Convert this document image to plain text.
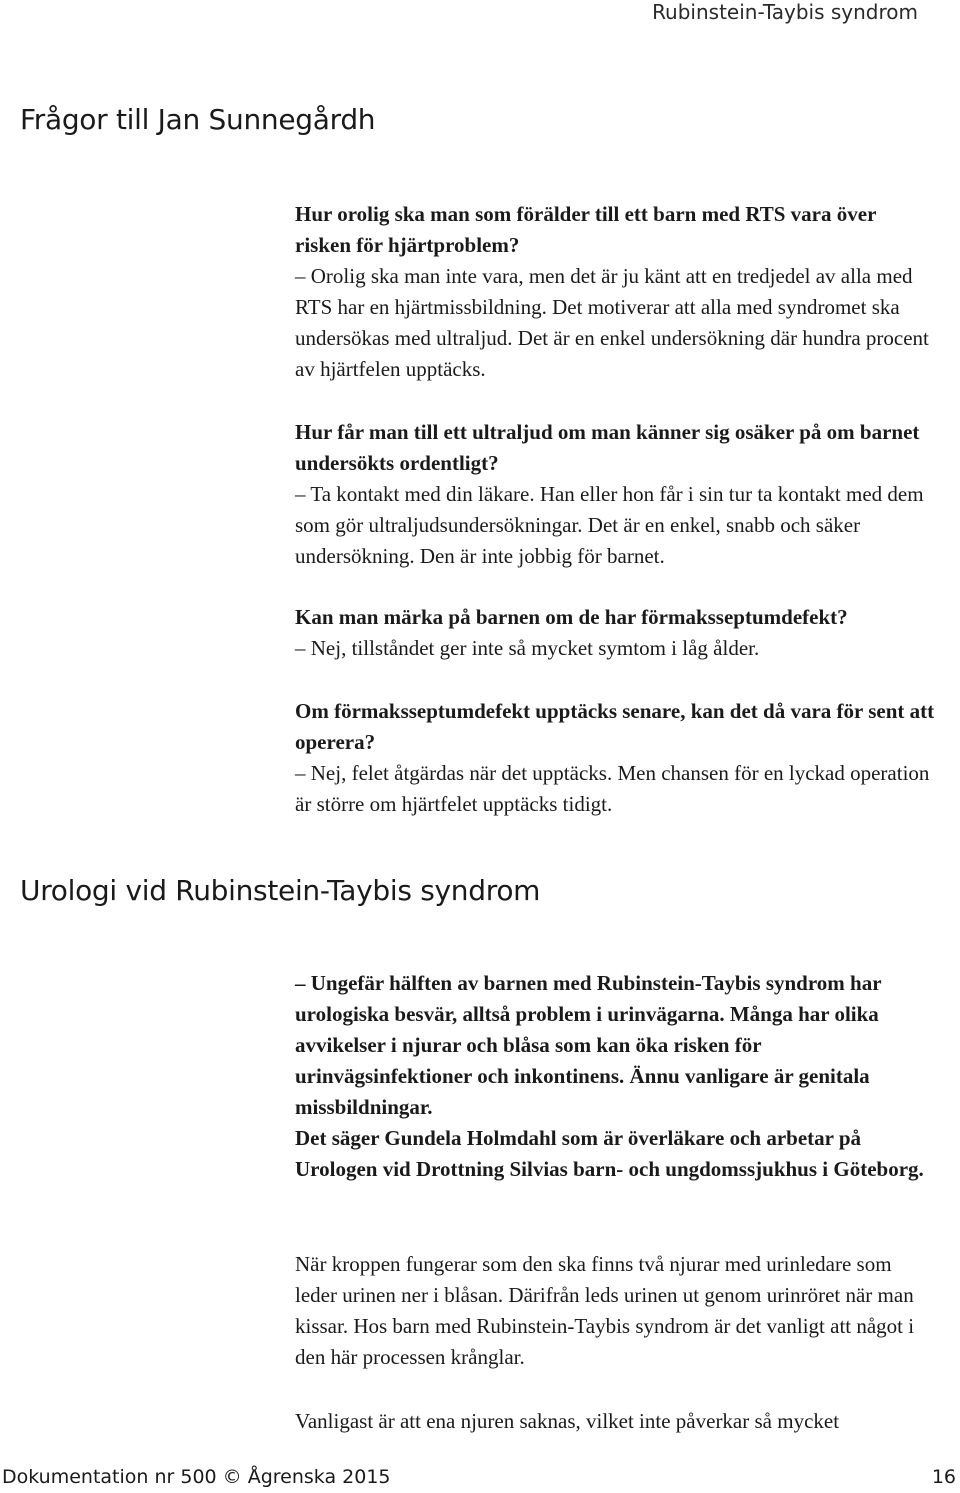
Rubinstein-Taybis syndrom
Frågor till Jan Sunnegårdh

Hur orolig ska man som förälder till ett barn med RTS vara över risken för hjärtproblem?
– Orolig ska man inte vara, men det är ju känt att en tredjedel av alla med RTS har en hjärtmissbildning. Det motiverar att alla med syndromet ska undersökas med ultraljud. Det är en enkel undersökning där hundra procent av hjärtfelen upptäcks.

Hur får man till ett ultraljud om man känner sig osäker på om barnet undersökts ordentligt?
– Ta kontakt med din läkare. Han eller hon får i sin tur ta kontakt med dem som gör ultraljudsundersökningar. Det är en enkel, snabb och säker undersökning. Den är inte jobbig för barnet.

Kan man märka på barnen om de har förmaksseptumdefekt?
– Nej, tillståndet ger inte så mycket symtom i låg ålder.

Om förmaksseptumdefekt upptäcks senare, kan det då vara för sent att operera?
– Nej, felet åtgärdas när det upptäcks. Men chansen för en lyckad operation är större om hjärtfelet upptäcks tidigt.

Urologi vid Rubinstein-Taybis syndrom

– Ungefär hälften av barnen med Rubinstein-Taybis syndrom har urologiska besvär, alltså problem i urinvägarna. Många har olika avvikelser i njurar och blåsa som kan öka risken för urinvägsinfektioner och inkontinens. Ännu vanligare är genitala missbildningar.

Det säger Gundela Holmdahl som är överläkare och arbetar på Urologen vid Drottning Silvias barn- och ungdomssjukhus i Göteborg.

När kroppen fungerar som den ska finns två njurar med urinledare som leder urinen ner i blåsan. Därifrån leds urinen ut genom urinröret när man kissar. Hos barn med Rubinstein-Taybis syndrom är det vanligt att något i den här processen krånglar.

Vanligast är att ena njuren saknas, vilket inte påverkar så mycket

Dokumentation nr 500 © Ågrenska 2015	16
